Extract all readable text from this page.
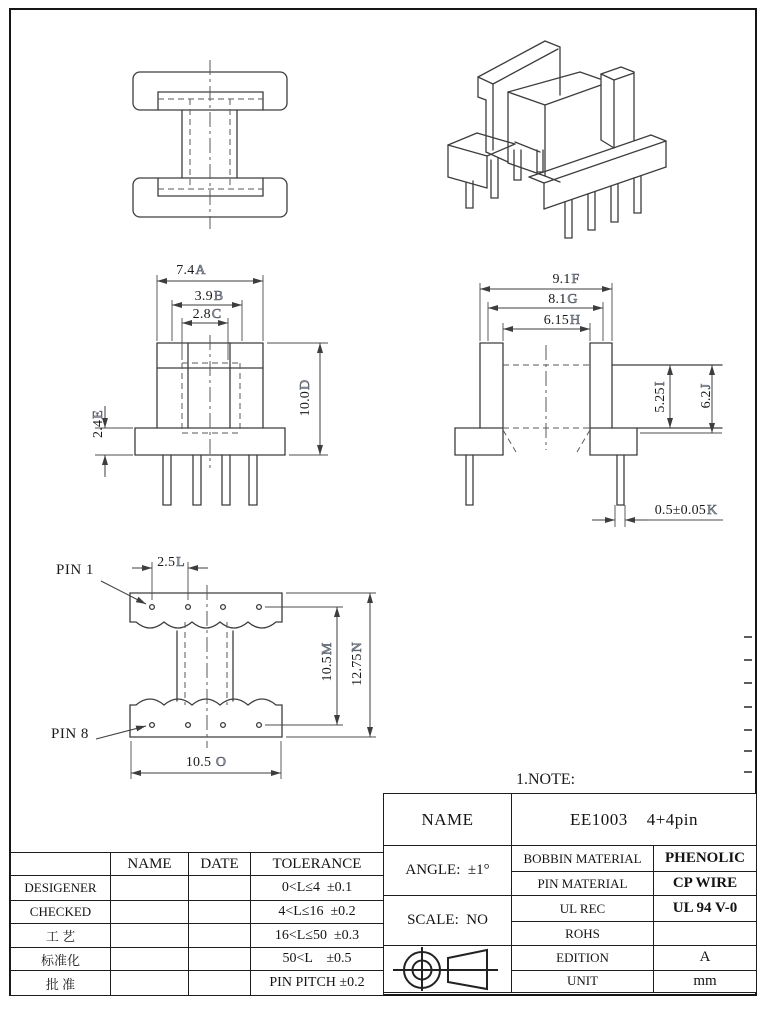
7.4A
3.9B
2.8C
10.0D
2.4E
9.1F
8.1G
6.15H
5.25I
6.2J
0.5±0.05K
2.5L
10.5M
12.75N
10.5 O
PIN 1
PIN 8
1.NOTE:
	NAME	DATE	TOLERANCE
DESIGENER			0<L≤4  ±0.1
CHECKED			4<L≤16  ±0.2
工 艺			16<L≤50  ±0.3
标准化			50<L    ±0.5
批 准			PIN PITCH ±0.2
NAME	EE1003    4+4pin	
ANGLE:  ±1°	BOBBIN MATERIAL	PHENOLIC
	PIN MATERIAL	CP WIRE
SCALE:  NO	UL REC	UL 94 V-0
	ROHS	

	EDITION	A
	UNIT	mm
